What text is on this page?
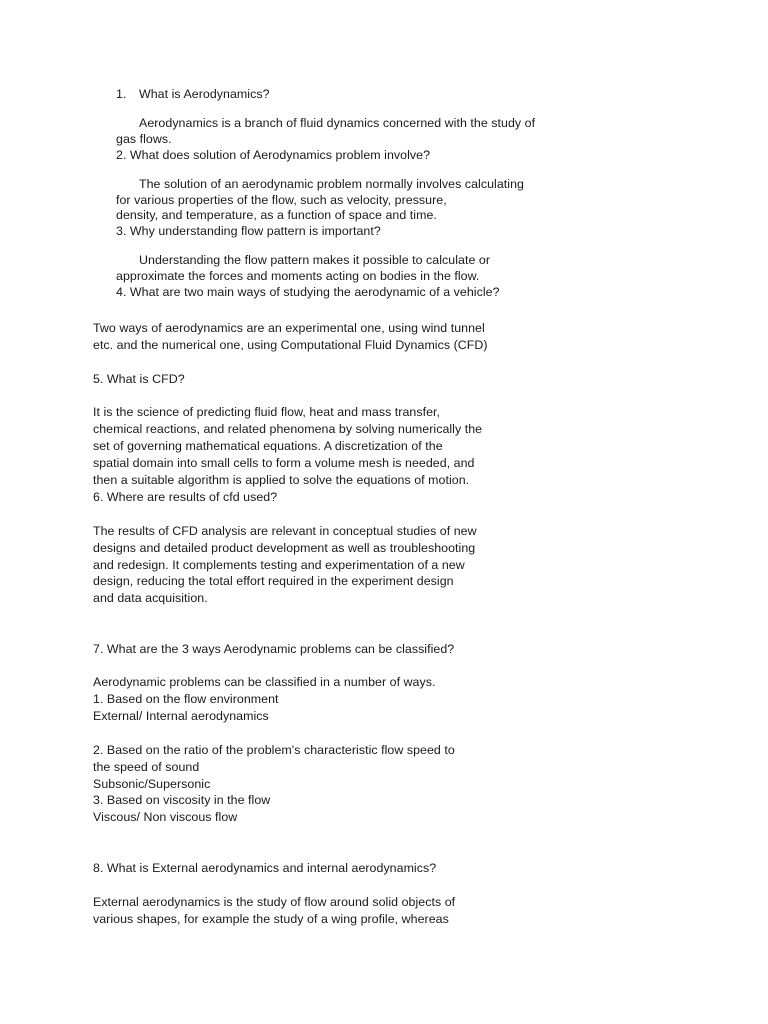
1. What is Aerodynamics?
Aerodynamics is a branch of fluid dynamics concerned with the study of
gas flows.
2. What does solution of Aerodynamics problem involve?
The solution of an aerodynamic problem normally involves calculating
for various properties of the flow, such as velocity, pressure,
density, and temperature, as a function of space and time.
3. Why understanding flow pattern is important?
Understanding the flow pattern makes it possible to calculate or
approximate the forces and moments acting on bodies in the flow.
4. What are two main ways of studying the aerodynamic of a vehicle?
Two ways of aerodynamics are an experimental one, using wind tunnel
etc. and the numerical one, using Computational Fluid Dynamics (CFD)
5. What is CFD?
It is the science of predicting fluid flow, heat and mass transfer,
chemical reactions, and related phenomena by solving numerically the
set of governing mathematical equations. A discretization of the
spatial domain into small cells to form a volume mesh is needed, and
then a suitable algorithm is applied to solve the equations of motion.
6. Where are results of cfd used?
The results of CFD analysis are relevant in conceptual studies of new
designs and detailed product development as well as troubleshooting
and redesign. It complements testing and experimentation of a new
design, reducing the total effort required in the experiment design
and data acquisition.
7. What are the 3 ways Aerodynamic problems can be classified?
Aerodynamic problems can be classified in a number of ways.
1. Based on the flow environment
External/ Internal aerodynamics
2. Based on the ratio of the problem's characteristic flow speed to
the speed of sound
Subsonic/Supersonic
3. Based on viscosity in the flow
Viscous/ Non viscous flow
8. What is External aerodynamics and internal aerodynamics?
External aerodynamics is the study of flow around solid objects of
various shapes, for example the study of a wing profile, whereas
